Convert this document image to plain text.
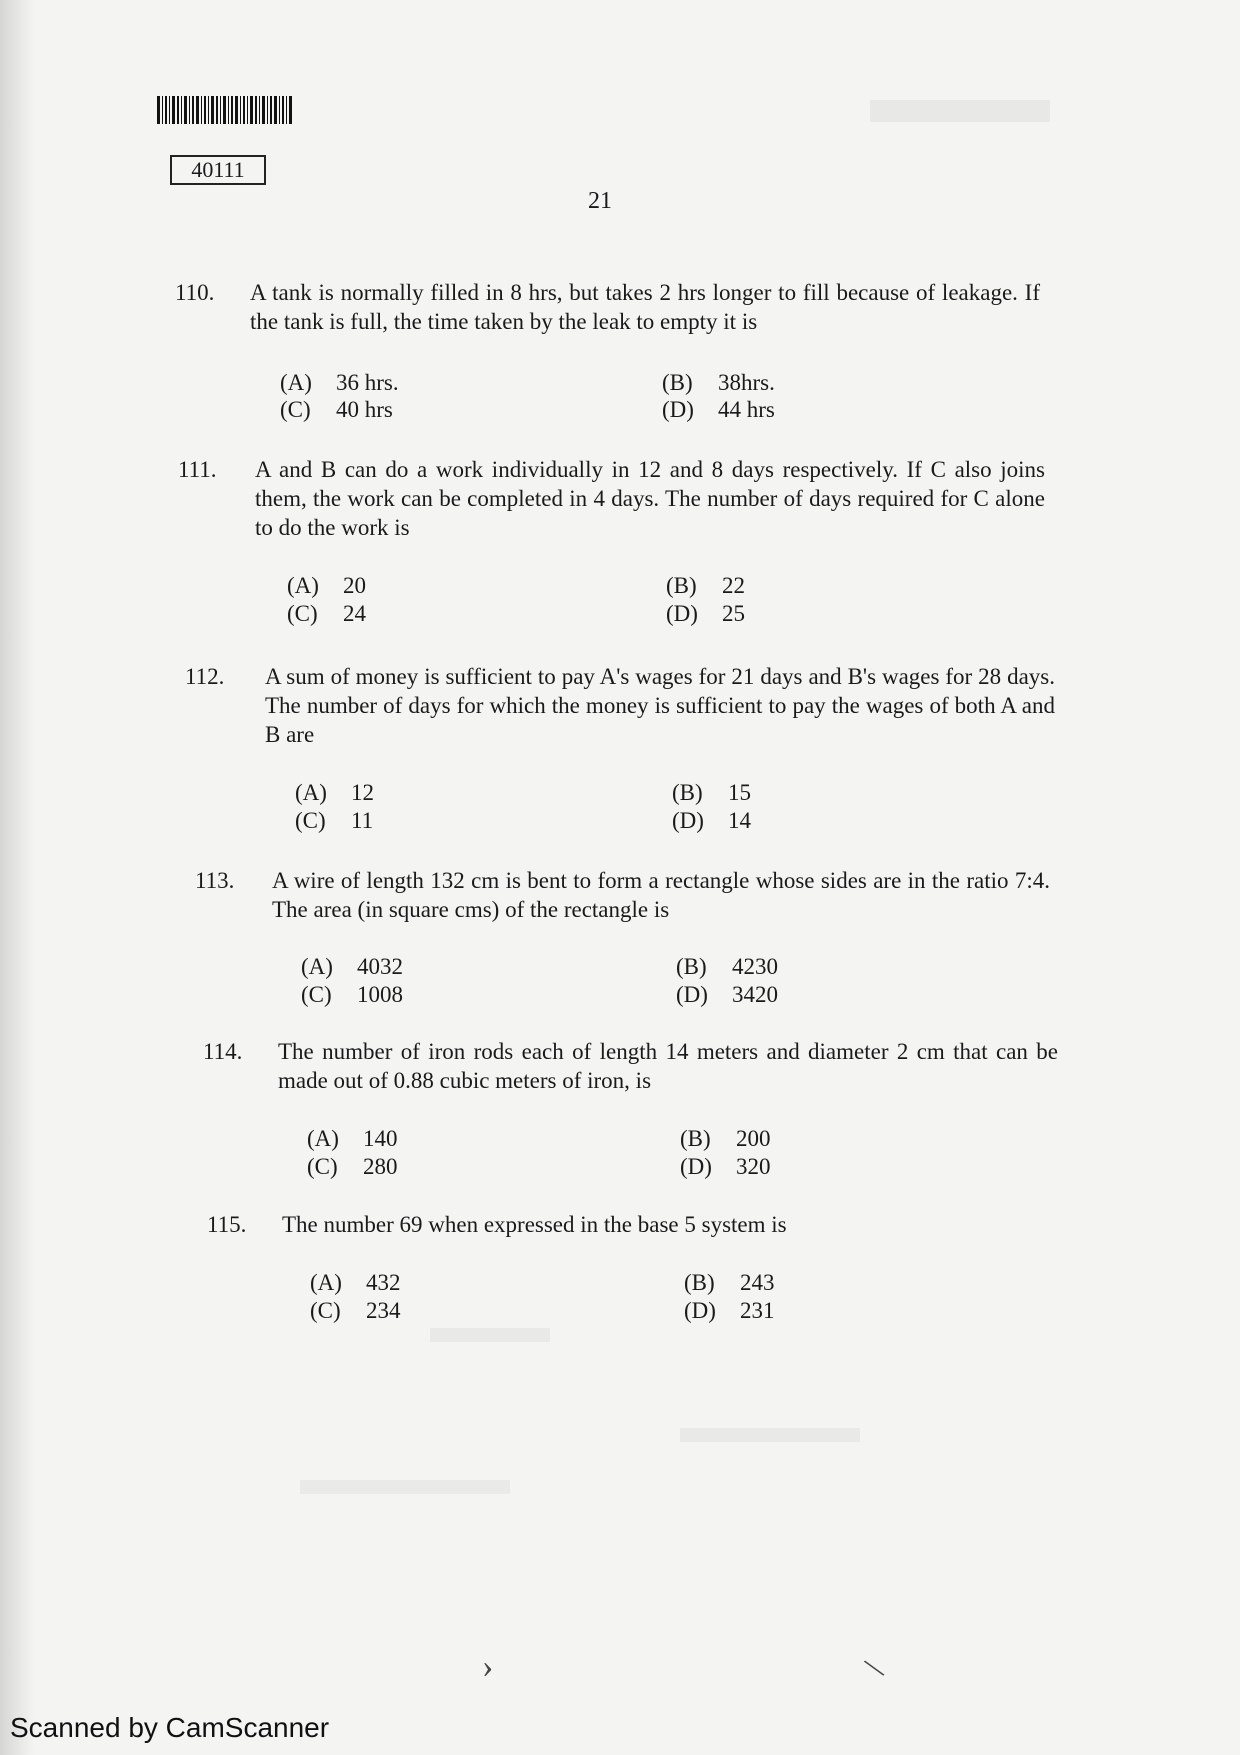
40111
21
110. A tank is normally filled in 8 hrs, but takes 2 hrs longer to fill because of leakage. If the tank is full, the time taken by the leak to empty it is
(A) 36 hrs.	(B) 38hrs.
(C) 40 hrs	(D) 44 hrs
111. A and B can do a work individually in 12 and 8 days respectively. If C also joins them, the work can be completed in 4 days. The number of days required for C alone to do the work is
(A) 20	(B) 22
(C) 24	(D) 25
112. A sum of money is sufficient to pay A's wages for 21 days and B's wages for 28 days. The number of days for which the money is sufficient to pay the wages of both A and B are
(A) 12	(B) 15
(C) 11	(D) 14
113. A wire of length 132 cm is bent to form a rectangle whose sides are in the ratio 7:4. The area (in square cms) of the rectangle is
(A) 4032	(B) 4230
(C) 1008	(D) 3420
114. The number of iron rods each of length 14 meters and diameter 2 cm that can be made out of 0.88 cubic meters of iron, is
(A) 140	(B) 200
(C) 280	(D) 320
115. The number 69 when expressed in the base 5 system is
(A) 432	(B) 243
(C) 234	(D) 231
›	\
Scanned by CamScanner
